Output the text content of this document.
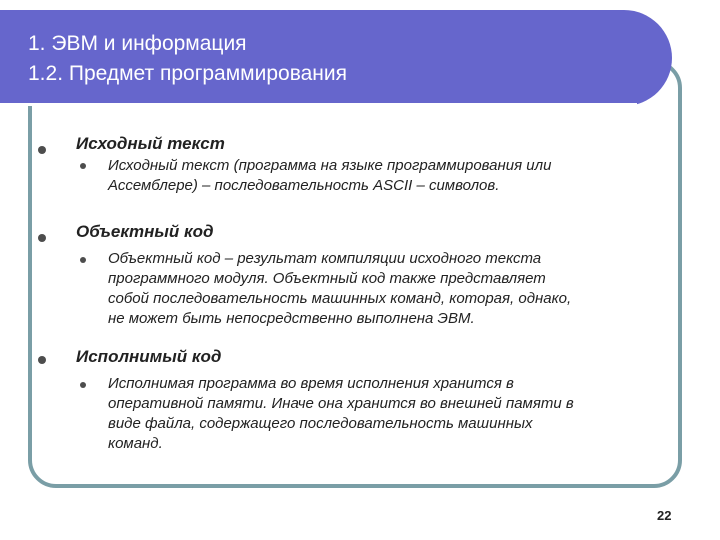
1. ЭВМ и информация
1.2. Предмет программирования
Исходный текст
Исходный текст (программа на языке программирования или
Ассемблере) – последовательность ASCII – символов.
Объектный код
Объектный код – результат компиляции исходного текста
программного модуля. Объектный код также представляет
собой последовательность машинных команд, которая, однако,
не может быть непосредственно выполнена ЭВМ.
Исполнимый код
Исполнимая программа во время исполнения хранится в
оперативной памяти. Иначе она хранится во внешней памяти в
виде файла, содержащего последовательность машинных
команд.
22
